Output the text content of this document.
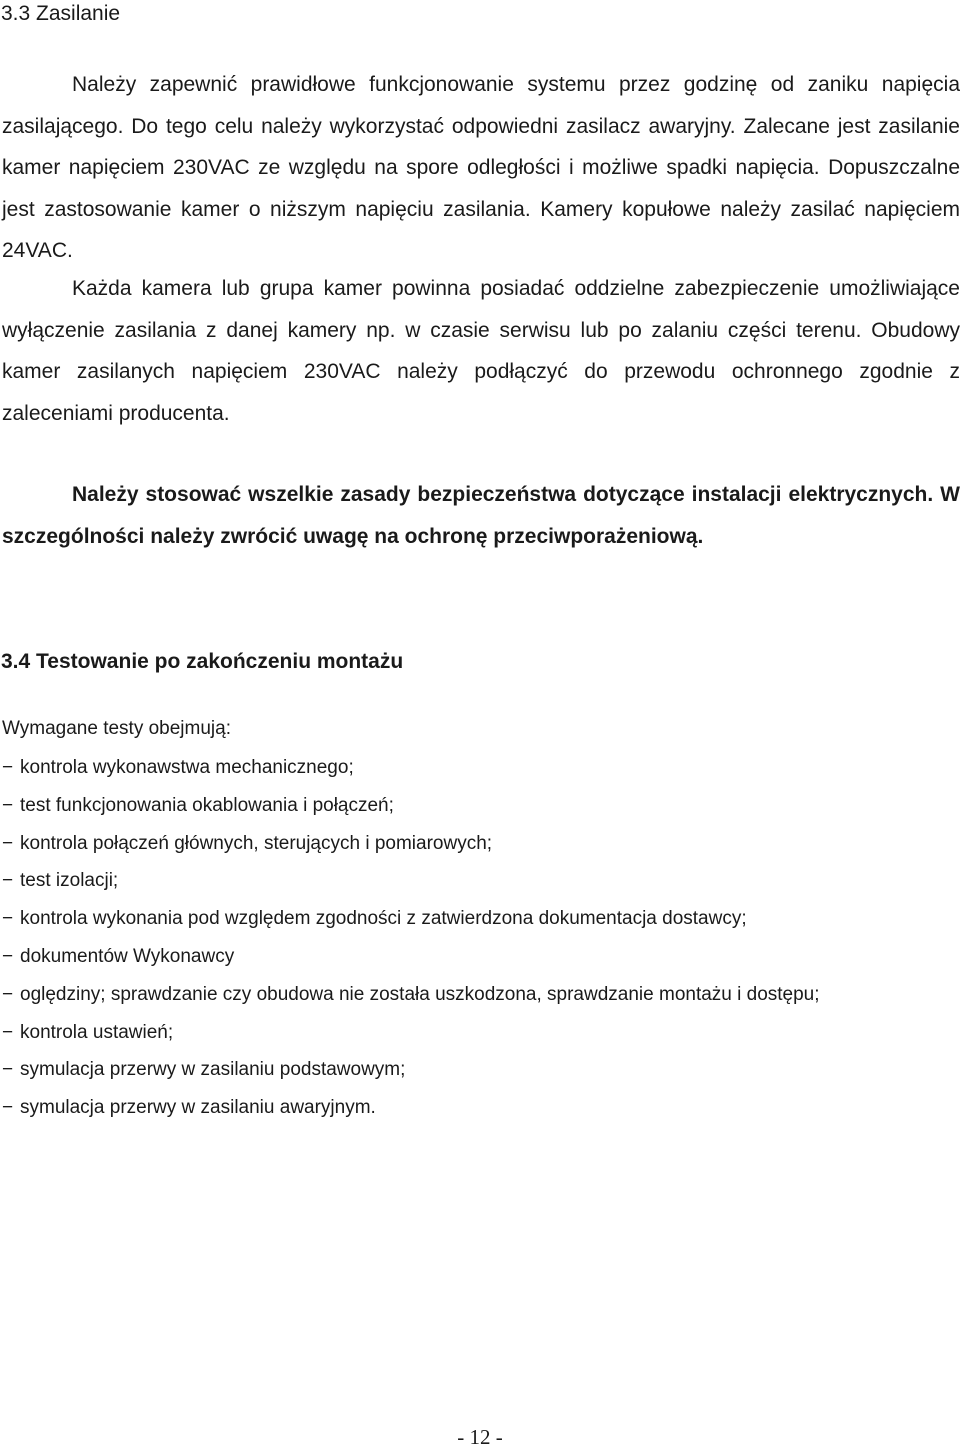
3.3 Zasilanie

Należy zapewnić prawidłowe funkcjonowanie systemu przez godzinę od zaniku napięcia zasilającego. Do tego celu należy wykorzystać odpowiedni zasilacz awaryjny. Zalecane jest zasilanie kamer napięciem 230VAC ze względu na spore odległości i możliwe spadki napięcia. Dopuszczalne jest zastosowanie kamer o niższym napięciu zasilania. Kamery kopułowe należy zasilać napięciem 24VAC.

Każda kamera lub grupa kamer powinna posiadać oddzielne zabezpieczenie umożliwiające wyłączenie zasilania z danej kamery np. w czasie serwisu lub po zalaniu części terenu. Obudowy kamer zasilanych napięciem 230VAC należy podłączyć do przewodu ochronnego zgodnie z zaleceniami producenta.

Należy stosować wszelkie zasady bezpieczeństwa dotyczące instalacji elektrycznych. W szczególności należy zwrócić uwagę na ochronę przeciwporażeniową.

3.4 Testowanie po zakończeniu montażu

Wymagane testy obejmują:

− kontrola wykonawstwa mechanicznego;
− test funkcjonowania okablowania i połączeń;
− kontrola połączeń głównych, sterujących i pomiarowych;
− test izolacji;
− kontrola wykonania pod względem zgodności z zatwierdzona dokumentacja dostawcy;
− dokumentów Wykonawcy
− oględziny; sprawdzanie czy obudowa nie została uszkodzona, sprawdzanie montażu i dostępu;
− kontrola ustawień;
− symulacja przerwy w zasilaniu podstawowym;
− symulacja przerwy w zasilaniu awaryjnym.
- 12 -
